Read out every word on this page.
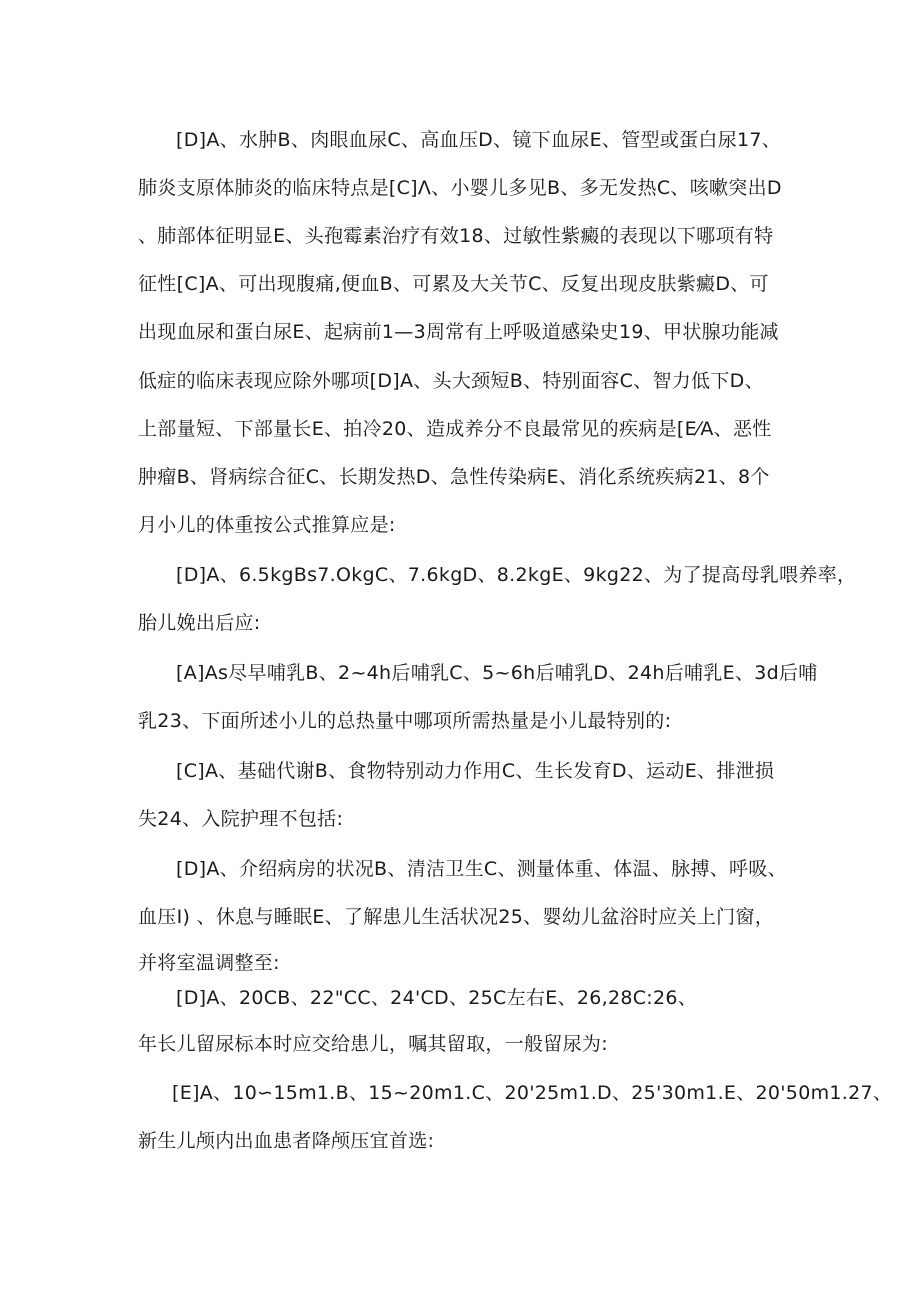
[D]A、水肿B、肉眼血尿C、高血压D、镜下血尿E、管型或蛋白尿17、

肺炎支原体肺炎的临床特点是[C]Λ、小婴儿多见B、多无发热C、咳嗽突出D

、肺部体征明显E、头孢霉素治疗有效18、过敏性紫癜的表现以下哪项有特

征性[C]A、可出现腹痛,便血B、可累及大关节C、反复出现皮肤紫癜D、可

出现血尿和蛋白尿E、起病前1—3周常有上呼吸道感染史19、甲状腺功能减

低症的临床表现应除外哪项[D]A、头大颈短B、特别面容C、智力低下D、

上部量短、下部量长E、拍冷20、造成养分不良最常见的疾病是[E⁄A、恶性

肿瘤B、肾病综合征C、长期发热D、急性传染病E、消化系统疾病21、8个

月小儿的体重按公式推算应是:

[D]A、6.5kgBs7.OkgC、7.6kgD、8.2kgE、9kg22、为了提高母乳喂养率，

胎儿娩出后应:

[A]As尽早哺乳B、2~4h后哺乳C、5~6h后哺乳D、24h后哺乳E、3d后哺

乳23、下面所述小儿的总热量中哪项所需热量是小儿最特别的:

[C]A、基础代谢B、食物特别动力作用C、生长发育D、运动E、排泄损

失24、入院护理不包括:

[D]A、介绍病房的状况B、清洁卫生C、测量体重、体温、脉搏、呼吸、

血压I) 、休息与睡眠E、了解患儿生活状况25、婴幼儿盆浴时应关上门窗，

并将室温调整至:

[D]A、20CB、22"CC、24'CD、25C左右E、26,28C:26、

年长儿留尿标本时应交给患儿，嘱其留取，一般留尿为:

[E]A、10∽15m1.B、15~20m1.C、20'25m1.D、25'30m1.E、20'50m1.27、

新生儿颅内出血患者降颅压宜首选:
